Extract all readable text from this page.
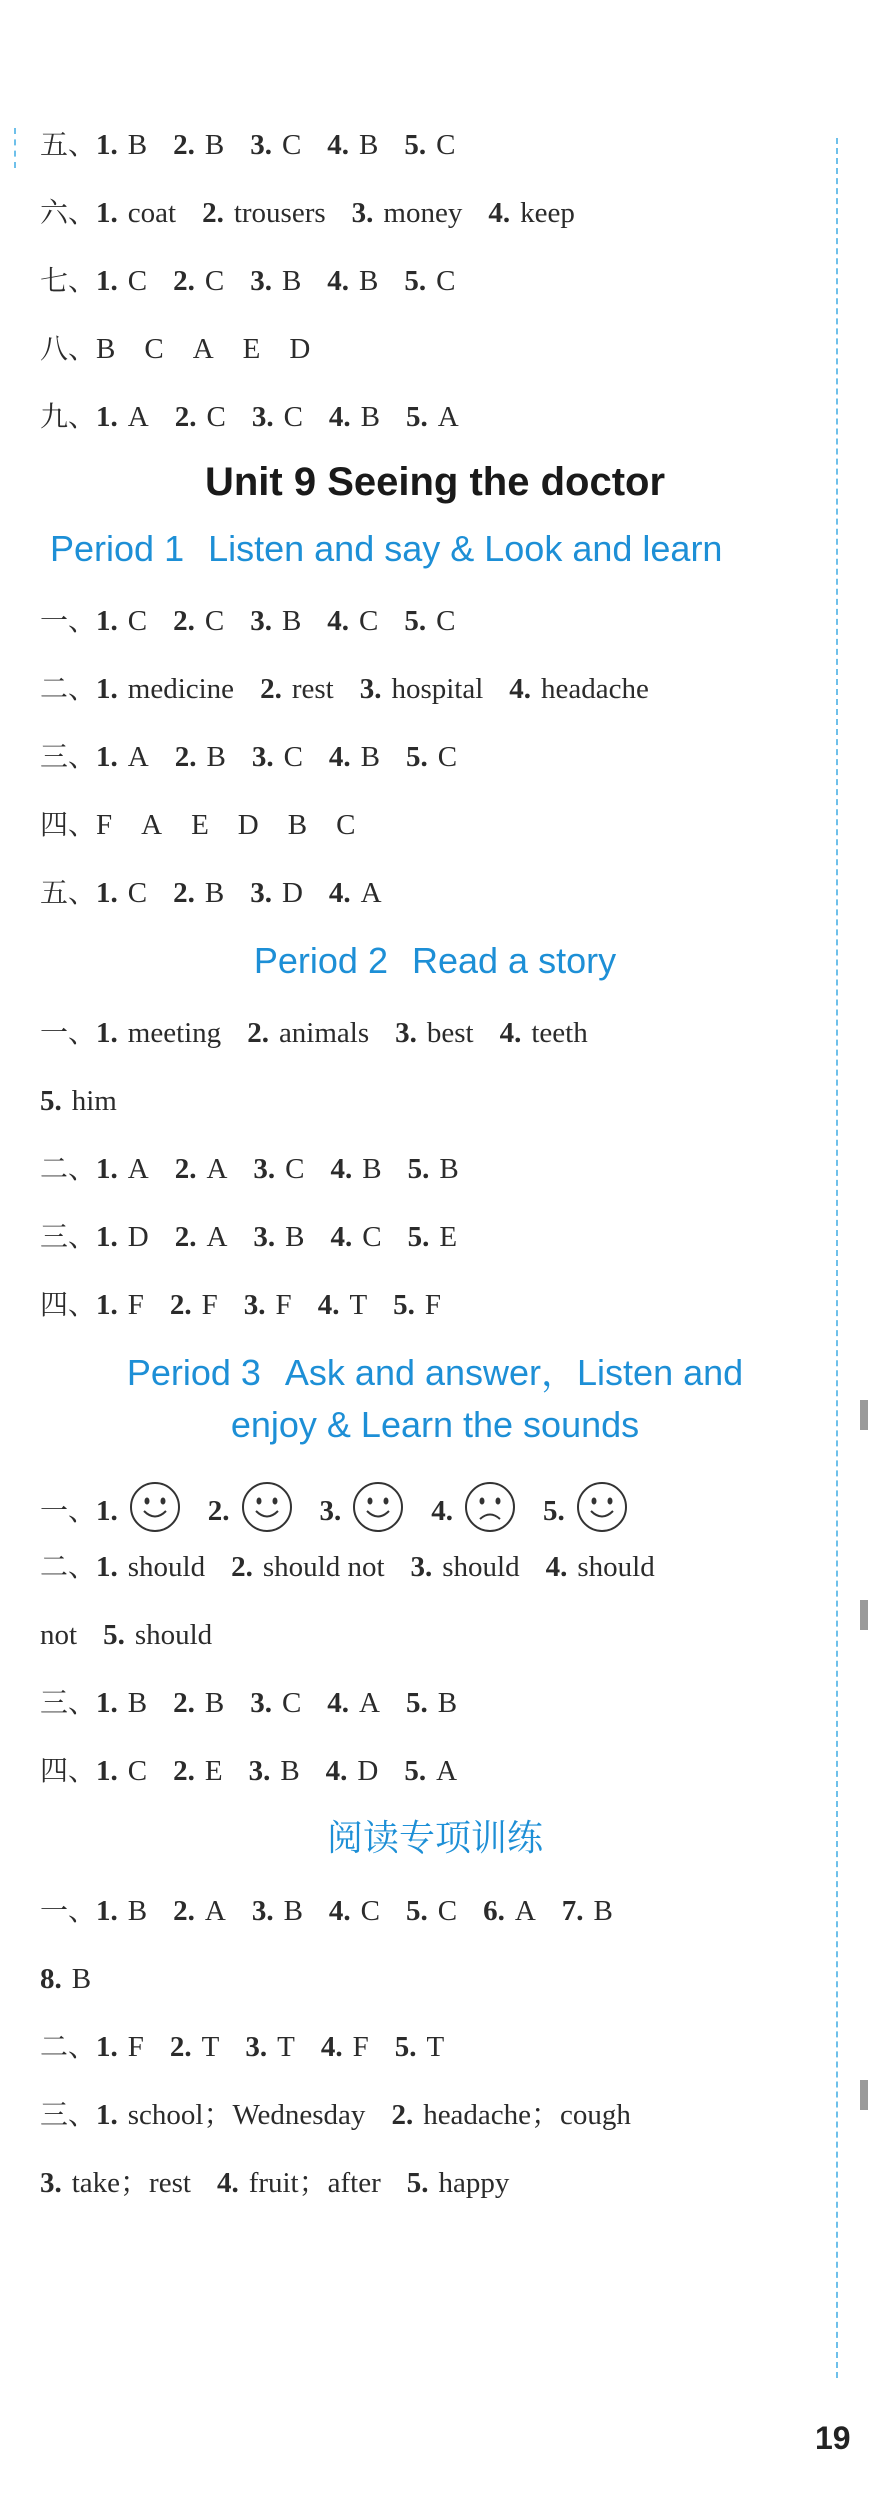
五、1. B 2. B 3. C 4. B 5. C
六、1. coat 2. trousers 3. money 4. keep
七、1. C 2. C 3. B 4. B 5. C
八、B    C    A    E    D
九、1. A 2. C 3. C 4. B 5. A
Unit 9 Seeing the doctor
Period 1 Listen and say & Look and learn
一、1. C 2. C 3. B 4. C 5. C
二、1. medicine 2. rest 3. hospital 4. headache
三、1. A 2. B 3. C 4. B 5. C
四、F    A    E    D    B    C
五、1. C 2. B 3. D 4. A
Period 2 Read a story
一、1. meeting 2. animals 3. best 4. teeth
5. him
二、1. A 2. A 3. C 4. B 5. B
三、1. D 2. A 3. B 4. C 5. E
四、1. F 2. F 3. F 4. T 5. F
Period 3 Ask and answer，Listen and
enjoy & Learn the sounds
一、1.	2.	3.	4.	5.
二、1. should 2. should not 3. should 4. should
not 5. should
三、1. B 2. B 3. C 4. A 5. B
四、1. C 2. E 3. B 4. D 5. A
阅读专项训练
一、1. B 2. A 3. B 4. C 5. C 6. A 7. B
8. B
二、1. F 2. T 3. T 4. F 5. T
三、1. school；Wednesday 2. headache；cough
3. take；rest 4. fruit；after 5. happy
19
